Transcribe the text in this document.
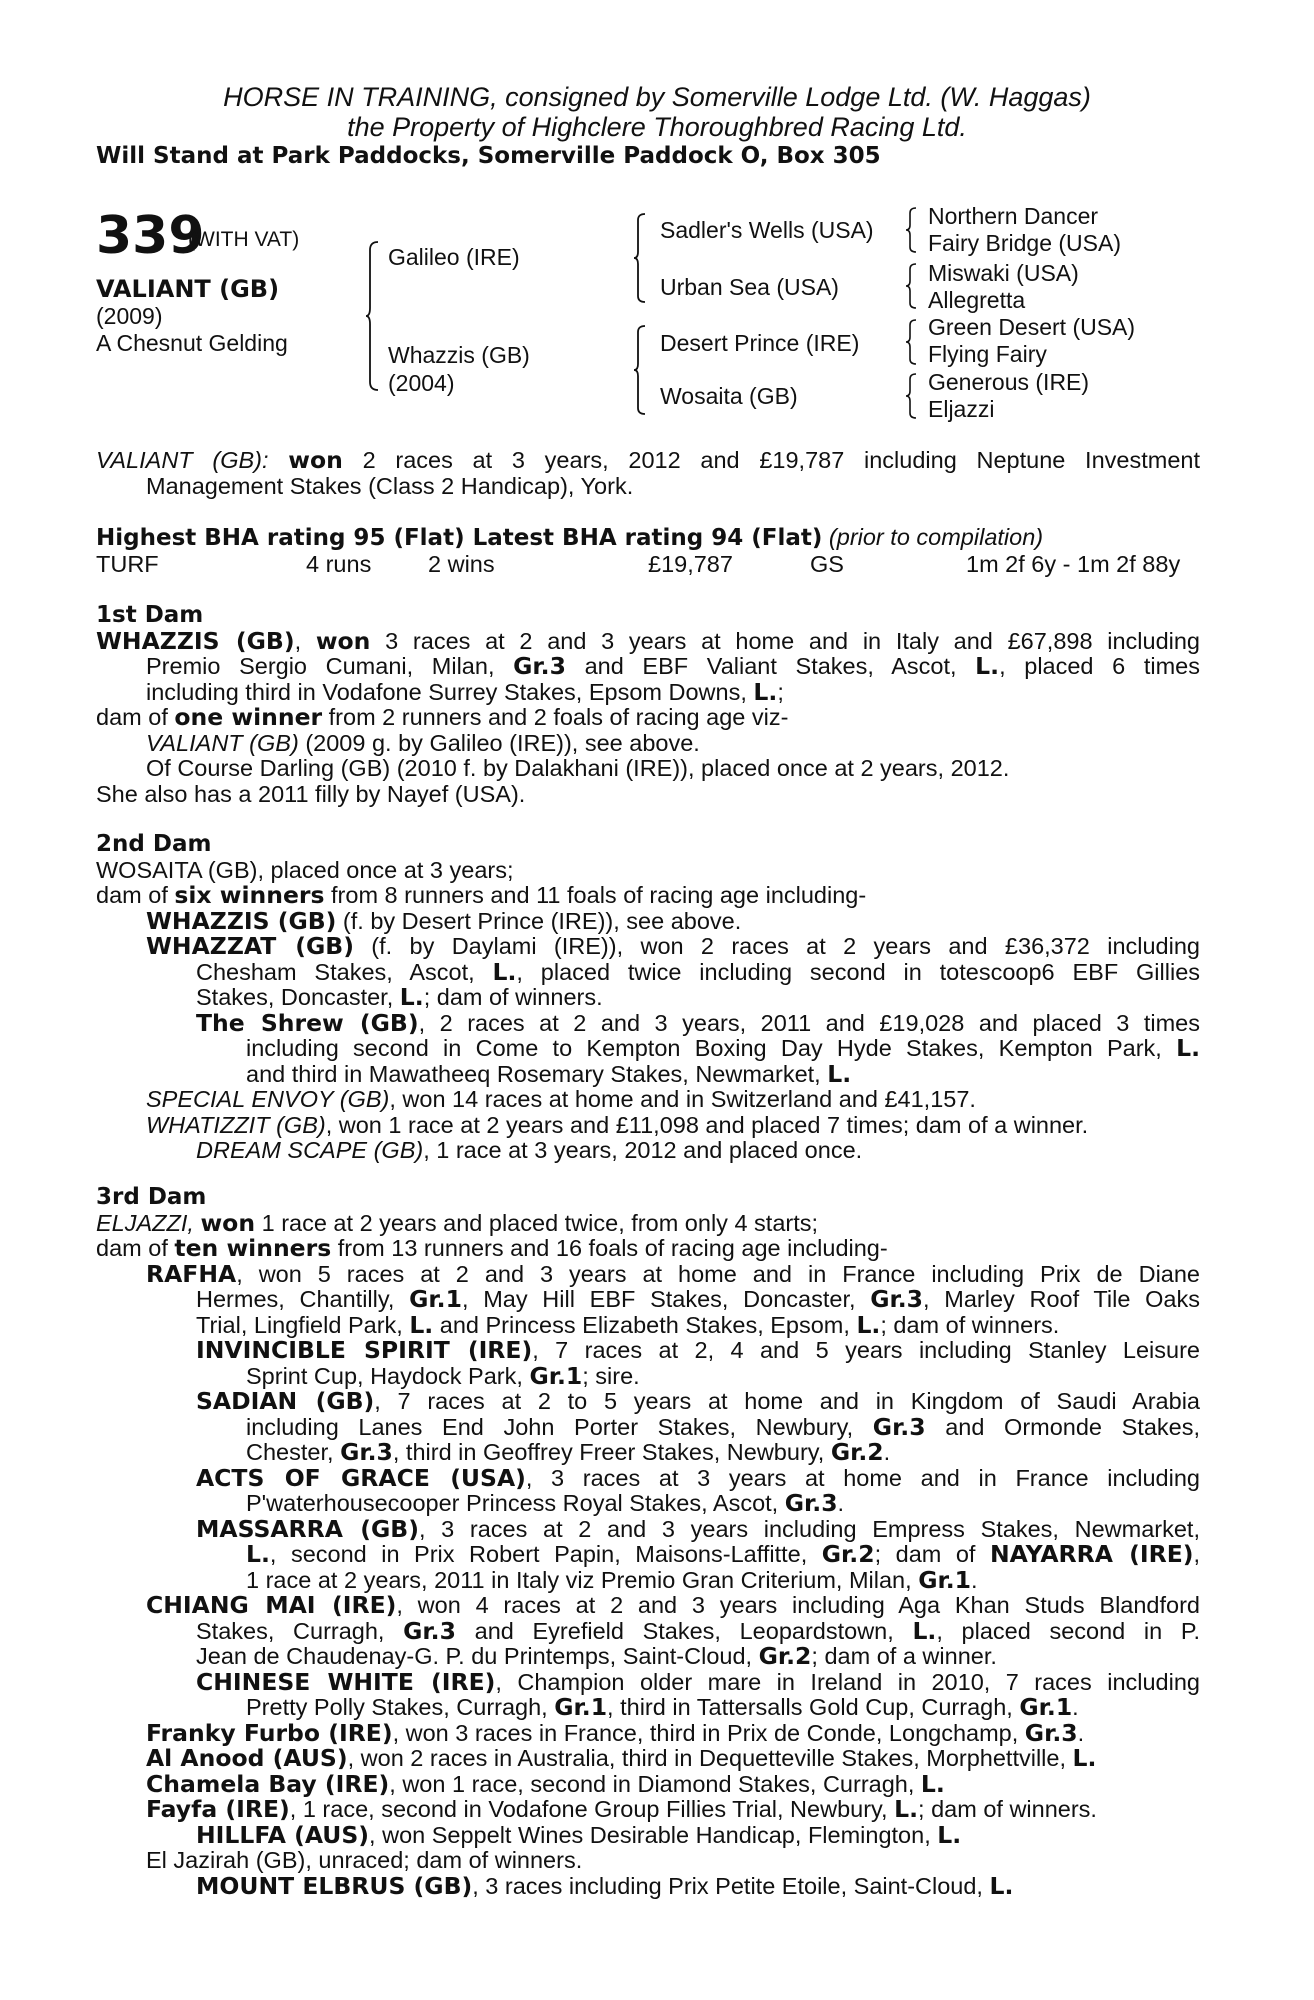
HORSE IN TRAINING, consigned by Somerville Lodge Ltd. (W. Haggas)
the Property of Highclere Thoroughbred Racing Ltd.
Will Stand at Park Paddocks, Somerville Paddock O, Box 305
339
(WITH VAT)
VALIANT (GB)
(2009)
A Chesnut Gelding
Galileo (IRE)
Whazzis (GB)
(2004)
Sadler's Wells (USA)
Urban Sea (USA)
Desert Prince (IRE)
Wosaita (GB)
Northern Dancer
Fairy Bridge (USA)
Miswaki (USA)
Allegretta
Green Desert (USA)
Flying Fairy
Generous (IRE)
Eljazzi
VALIANT (GB): won 2 races at 3 years, 2012 and £19,787 including Neptune Investment
Management Stakes (Class 2 Handicap), York.
Highest BHA rating 95 (Flat) Latest BHA rating 94 (Flat) (prior to compilation)
TURF	4 runs 2 wins	£19,787	GS	1m 2f 6y - 1m 2f 88y
1st Dam
WHAZZIS (GB), won 3 races at 2 and 3 years at home and in Italy and £67,898 including
Premio Sergio Cumani, Milan, Gr.3 and EBF Valiant Stakes, Ascot, L., placed 6 times
including third in Vodafone Surrey Stakes, Epsom Downs, L.;
dam of one winner from 2 runners and 2 foals of racing age viz-
VALIANT (GB) (2009 g. by Galileo (IRE)), see above.
Of Course Darling (GB) (2010 f. by Dalakhani (IRE)), placed once at 2 years, 2012.
She also has a 2011 filly by Nayef (USA).
2nd Dam
WOSAITA (GB), placed once at 3 years;
dam of six winners from 8 runners and 11 foals of racing age including-
WHAZZIS (GB) (f. by Desert Prince (IRE)), see above.
WHAZZAT (GB) (f. by Daylami (IRE)), won 2 races at 2 years and £36,372 including
Chesham Stakes, Ascot, L., placed twice including second in totescoop6 EBF Gillies
Stakes, Doncaster, L.; dam of winners.
The Shrew (GB), 2 races at 2 and 3 years, 2011 and £19,028 and placed 3 times
including second in Come to Kempton Boxing Day Hyde Stakes, Kempton Park, L.
and third in Mawatheeq Rosemary Stakes, Newmarket, L.
SPECIAL ENVOY (GB), won 14 races at home and in Switzerland and £41,157.
WHATIZZIT (GB), won 1 race at 2 years and £11,098 and placed 7 times; dam of a winner.
DREAM SCAPE (GB), 1 race at 3 years, 2012 and placed once.
3rd Dam
ELJAZZI, won 1 race at 2 years and placed twice, from only 4 starts;
dam of ten winners from 13 runners and 16 foals of racing age including-
RAFHA, won 5 races at 2 and 3 years at home and in France including Prix de Diane
Hermes, Chantilly, Gr.1, May Hill EBF Stakes, Doncaster, Gr.3, Marley Roof Tile Oaks
Trial, Lingfield Park, L. and Princess Elizabeth Stakes, Epsom, L.; dam of winners.
INVINCIBLE SPIRIT (IRE), 7 races at 2, 4 and 5 years including Stanley Leisure
Sprint Cup, Haydock Park, Gr.1; sire.
SADIAN (GB), 7 races at 2 to 5 years at home and in Kingdom of Saudi Arabia
including Lanes End John Porter Stakes, Newbury, Gr.3 and Ormonde Stakes,
Chester, Gr.3, third in Geoffrey Freer Stakes, Newbury, Gr.2.
ACTS OF GRACE (USA), 3 races at 3 years at home and in France including
P'waterhousecooper Princess Royal Stakes, Ascot, Gr.3.
MASSARRA (GB), 3 races at 2 and 3 years including Empress Stakes, Newmarket,
L., second in Prix Robert Papin, Maisons-Laffitte, Gr.2; dam of NAYARRA (IRE),
1 race at 2 years, 2011 in Italy viz Premio Gran Criterium, Milan, Gr.1.
CHIANG MAI (IRE), won 4 races at 2 and 3 years including Aga Khan Studs Blandford
Stakes, Curragh, Gr.3 and Eyrefield Stakes, Leopardstown, L., placed second in P.
Jean de Chaudenay-G. P. du Printemps, Saint-Cloud, Gr.2; dam of a winner.
CHINESE WHITE (IRE), Champion older mare in Ireland in 2010, 7 races including
Pretty Polly Stakes, Curragh, Gr.1, third in Tattersalls Gold Cup, Curragh, Gr.1.
Franky Furbo (IRE), won 3 races in France, third in Prix de Conde, Longchamp, Gr.3.
Al Anood (AUS), won 2 races in Australia, third in Dequetteville Stakes, Morphettville, L.
Chamela Bay (IRE), won 1 race, second in Diamond Stakes, Curragh, L.
Fayfa (IRE), 1 race, second in Vodafone Group Fillies Trial, Newbury, L.; dam of winners.
HILLFA (AUS), won Seppelt Wines Desirable Handicap, Flemington, L.
El Jazirah (GB), unraced; dam of winners.
MOUNT ELBRUS (GB), 3 races including Prix Petite Etoile, Saint-Cloud, L.
